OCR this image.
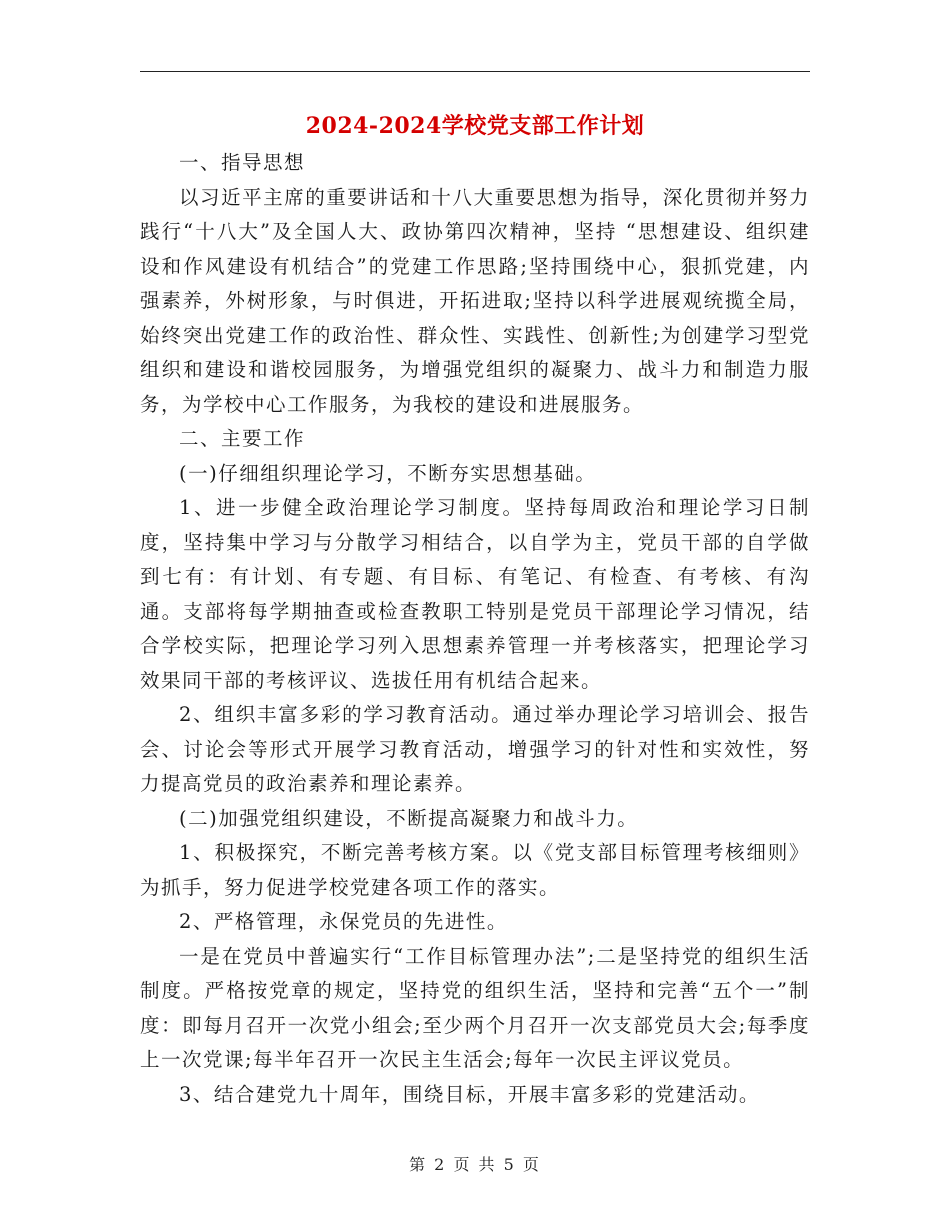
2024-2024学校党支部工作计划

一、指导思想

以习近平主席的重要讲话和十八大重要思想为指导，深化贯彻并努力践行“十八大”及全国人大、政协第四次精神，坚持 “思想建设、组织建设和作风建设有机结合”的党建工作思路;坚持围绕中心，狠抓党建，内强素养，外树形象，与时俱进，开拓进取;坚持以科学进展观统揽全局，始终突出党建工作的政治性、群众性、实践性、创新性;为创建学习型党组织和建设和谐校园服务，为增强党组织的凝聚力、战斗力和制造力服务，为学校中心工作服务，为我校的建设和进展服务。

二、主要工作

(一)仔细组织理论学习，不断夯实思想基础。

1、进一步健全政治理论学习制度。坚持每周政治和理论学习日制度，坚持集中学习与分散学习相结合，以自学为主，党员干部的自学做到七有：有计划、有专题、有目标、有笔记、有检查、有考核、有沟通。支部将每学期抽查或检查教职工特别是党员干部理论学习情况，结合学校实际，把理论学习列入思想素养管理一并考核落实，把理论学习效果同干部的考核评议、选拔任用有机结合起来。

2、组织丰富多彩的学习教育活动。通过举办理论学习培训会、报告会、讨论会等形式开展学习教育活动，增强学习的针对性和实效性，努力提高党员的政治素养和理论素养。

(二)加强党组织建设，不断提高凝聚力和战斗力。

1、积极探究，不断完善考核方案。以《党支部目标管理考核细则》为抓手，努力促进学校党建各项工作的落实。

2、严格管理，永保党员的先进性。

一是在党员中普遍实行“工作目标管理办法”;二是坚持党的组织生活制度。严格按党章的规定，坚持党的组织生活，坚持和完善“五个一”制度：即每月召开一次党小组会;至少两个月召开一次支部党员大会;每季度上一次党课;每半年召开一次民主生活会;每年一次民主评议党员。

3、结合建党九十周年，围绕目标，开展丰富多彩的党建活动。

第 2 页 共 5 页
